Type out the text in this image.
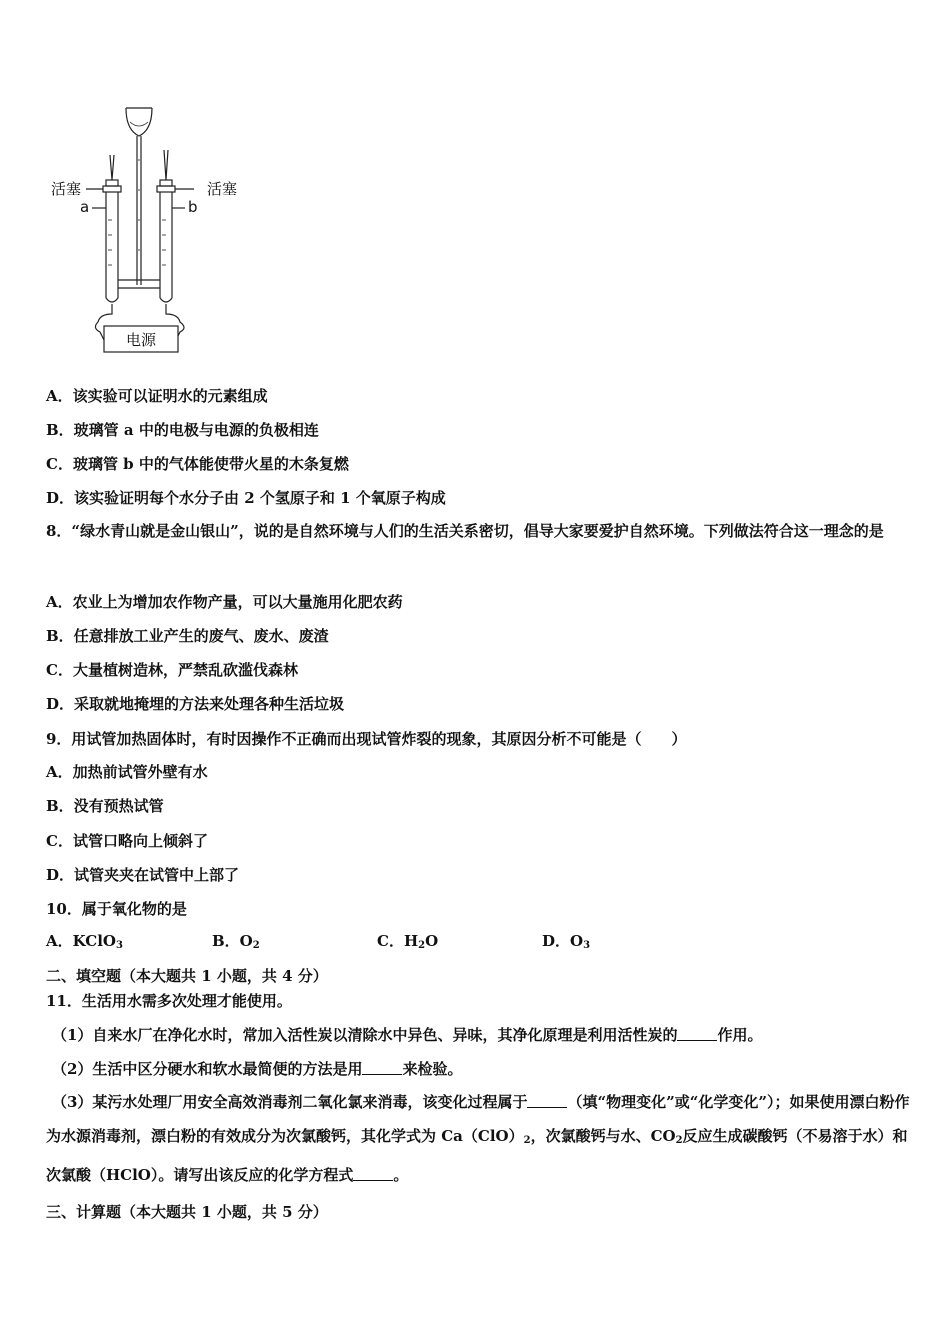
活塞	活塞
a	b
电源
A．该实验可以证明水的元素组成
B．玻璃管 a 中的电极与电源的负极相连
C．玻璃管 b 中的气体能使带火星的木条复燃
D．该实验证明每个水分子由 2 个氢原子和 1 个氧原子构成
8．“绿水青山就是金山银山”，说的是自然环境与人们的生活关系密切，倡导大家要爱护自然环境。下列做法符合这一理念的是
A．农业上为增加农作物产量，可以大量施用化肥农药
B．任意排放工业产生的废气、废水、废渣
C．大量植树造林，严禁乱砍滥伐森林
D．采取就地掩埋的方法来处理各种生活垃圾
9．用试管加热固体时，有时因操作不正确而出现试管炸裂的现象，其原因分析不可能是（　　）
A．加热前试管外壁有水
B．没有预热试管
C．试管口略向上倾斜了
D．试管夹夹在试管中上部了
10．属于氧化物的是
A．KClO$_3$	B．$O_2$	C．$H_2O$	D．$O_3$
二、填空题（本大题共 1 小题，共 4 分）
11．生活用水需多次处理才能使用。
（1）自来水厂在净化水时，常加入活性炭以清除水中异色、异味，其净化原理是利用活性炭的	作用。
（2）生活中区分硬水和软水最简便的方法是用	来检验。
（3）某污水处理厂用安全高效消毒剂二氧化氯来消毒，该变化过程属于	（填“物理变化”或“化学变化”）；如果使用漂白粉作为水源消毒剂，漂白粉的有效成分为次氯酸钙，其化学式为 $Ca(ClO)_2$，次氯酸钙与水、$CO_2$反应生成碳酸钙（不易溶于水）和次氯酸（HClO）。请写出该反应的化学方程式	。
三、计算题（本大题共 1 小题，共 5 分）
